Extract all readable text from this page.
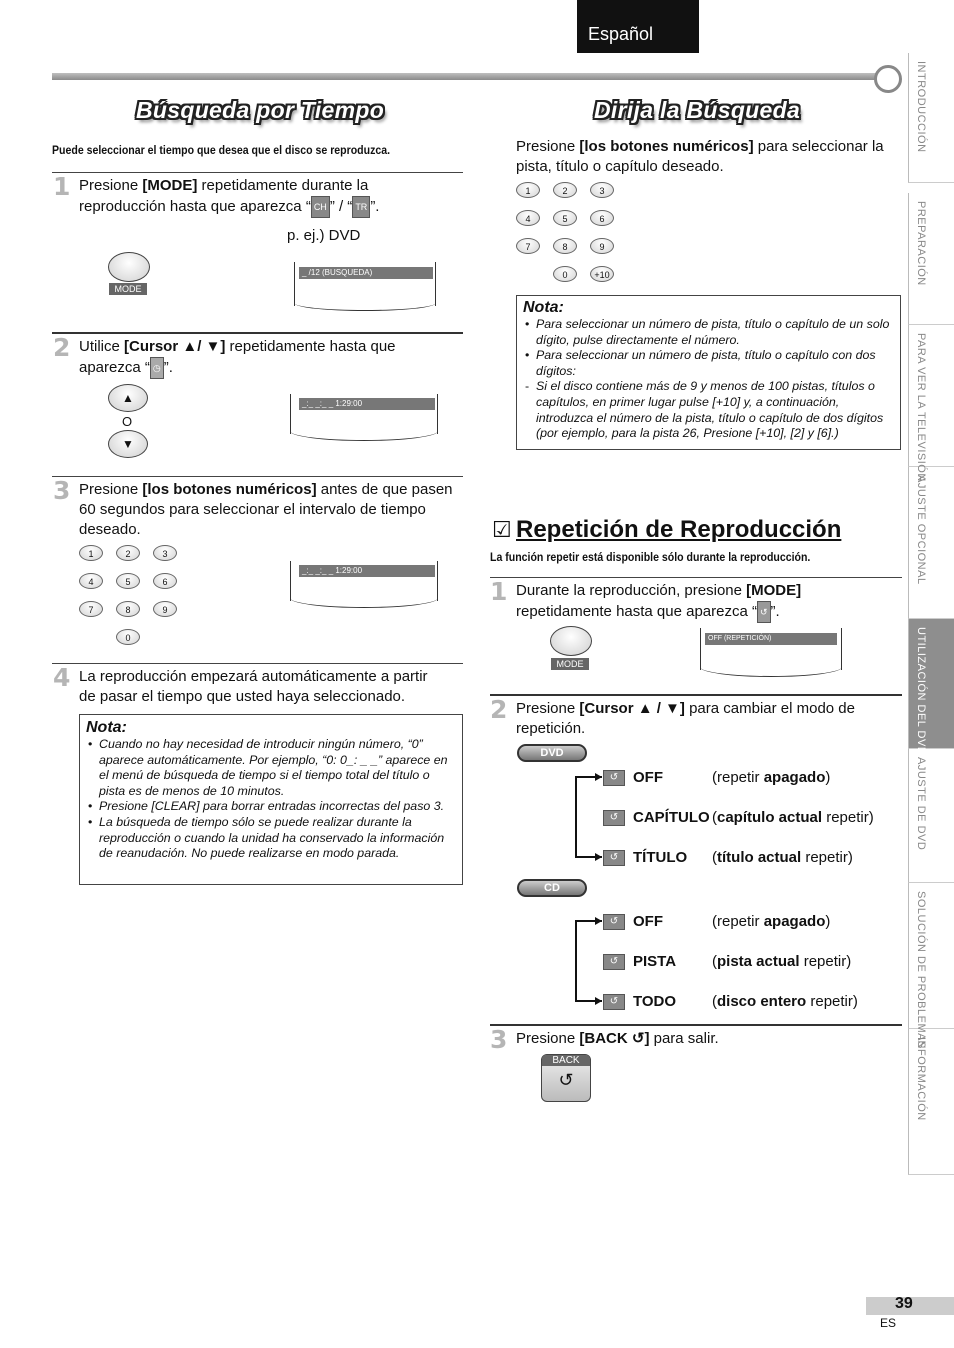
Español
Búsqueda por Tiempo
Puede seleccionar el tiempo que desea que el disco se reproduzca.
1 Presione [MODE] repetidamente durante la
reproducción hasta que aparezca “ CH ” / “ TR ”.
p. ej.) DVD
MODE
_ /12 (BUSQUEDA)
2 Utilice [Cursor ▲/ ▼] repetidamente hasta que
aparezca “ ◷ ”.
▲
O
▼
_:_ _:_ _ 1:29:00
3 Presione [los botones numéricos] antes de que pasen
60 segundos para seleccionar el intervalo de tiempo
deseado.
1	2	3
4	5	6
7	8	9
0
_:_ _:_ _ 1:29:00
4 La reproducción empezará automáticamente a partir
de pasar el tiempo que usted haya seleccionado.
Nota:
• Cuando no hay necesidad de introducir ningún número, “0” aparece automáticamente. Por ejemplo, “0: 0_: _ _” aparece en el menú de búsqueda de tiempo si el tiempo total del título o pista es de menos de 10 minutos.
• Presione [CLEAR] para borrar entradas incorrectas del paso 3.
• La búsqueda de tiempo sólo se puede realizar durante la reproducción o cuando la unidad ha conservado la información de reanudación. No puede realizarse en modo parada.
Dirija la Búsqueda
Presione [los botones numéricos] para seleccionar la
pista, título o capítulo deseado.
1	2	3
4	5	6
7	8	9
0	+10
Nota:
• Para seleccionar un número de pista, título o capítulo de un solo dígito, pulse directamente el número.
• Para seleccionar un número de pista, título o capítulo con dos dígitos:
- Si el disco contiene más de 9 y menos de 100 pistas, títulos o capítulos, en primer lugar pulse [+10] y, a continuación, introduzca el número de la pista, título o capítulo de dos dígitos
(por ejemplo, para la pista 26, Presione [+10], [2] y [6].)
☑ Repetición de Reproducción
La función repetir está disponible sólo durante la reproducción.
1 Durante la reproducción, presione [MODE]
repetidamente hasta que aparezca “ ↺ ”.
MODE
OFF (REPETICIÓN)
2 Presione [Cursor ▲ / ▼] para cambiar el modo de
repetición.
DVD
↺ OFF	(repetir apagado)
↺ CAPÍTULO (capítulo actual repetir)
↺ TÍTULO (título actual repetir)
CD
↺ OFF	(repetir apagado)
↺ PISTA (pista actual repetir)
↺ TODO (disco entero repetir)
3 Presione [BACK ↺] para salir.
BACK
↺
INTRODUCCIÓN
PREPARACIÓN
PARA VER LA TELEVISIÓN
AJUSTE OPCIONAL
UTILIZACIÓN DEL DVD
AJUSTE DE DVD
SOLUCIÓN DE PROBLEMAS
INFORMACIÓN
39
ES
